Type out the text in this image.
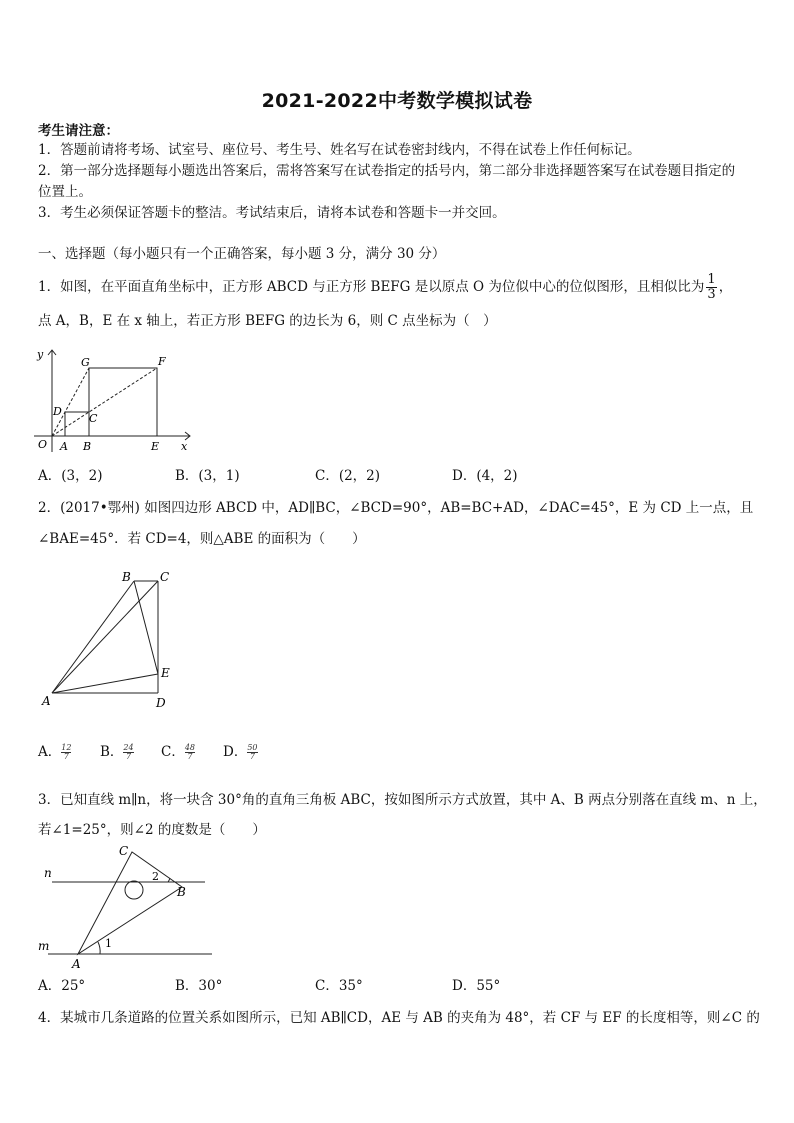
2021-2022中考数学模拟试卷
考生请注意：
1．答题前请将考场、试室号、座位号、考生号、姓名写在试卷密封线内，不得在试卷上作任何标记。
2．第一部分选择题每小题选出答案后，需将答案写在试卷指定的括号内，第二部分非选择题答案写在试卷题目指定的
位置上。
3．考生必须保证答题卡的整洁。考试结束后，请将本试卷和答题卡一并交回。
一、选择题（每小题只有一个正确答案，每小题 3 分，满分 30 分）
1．如图，在平面直角坐标中，正方形 ABCD 与正方形 BEFG 是以原点 O 为位似中心的位似图形，且相似比为 $\frac{1}{3}$ ，
点 A，B，E 在 x 轴上，若正方形 BEFG 的边长为 6，则 C 点坐标为（　）
y
x
G	F
D
C
O A B	E
A．(3，2)	B．(3，1)	C．(2，2)	D．(4，2)
2．(2017•鄂州) 如图四边形 ABCD 中，AD∥BC，∠BCD=90°，AB=BC+AD，∠DAC=45°，E 为 CD 上一点，且
∠BAE=45°．若 CD=4，则△ABE 的面积为（　　）
B C
E
A	D
A． $\frac{12}{7}$ B． $\frac{24}{7}$ C． $\frac{48}{7}$ D． $\frac{50}{7}$
3．已知直线 m∥n，将一块含 30°角的直角三角板 ABC，按如图所示方式放置，其中 A、B 两点分别落在直线 m、n 上，
若∠1=25°，则∠2 的度数是（　　）
C
n	2
B
m	1
A
A．25°	B．30°	C．35°	D．55°
4．某城市几条道路的位置关系如图所示，已知 AB∥CD，AE 与 AB 的夹角为 48°，若 CF 与 EF 的长度相等，则∠C 的
